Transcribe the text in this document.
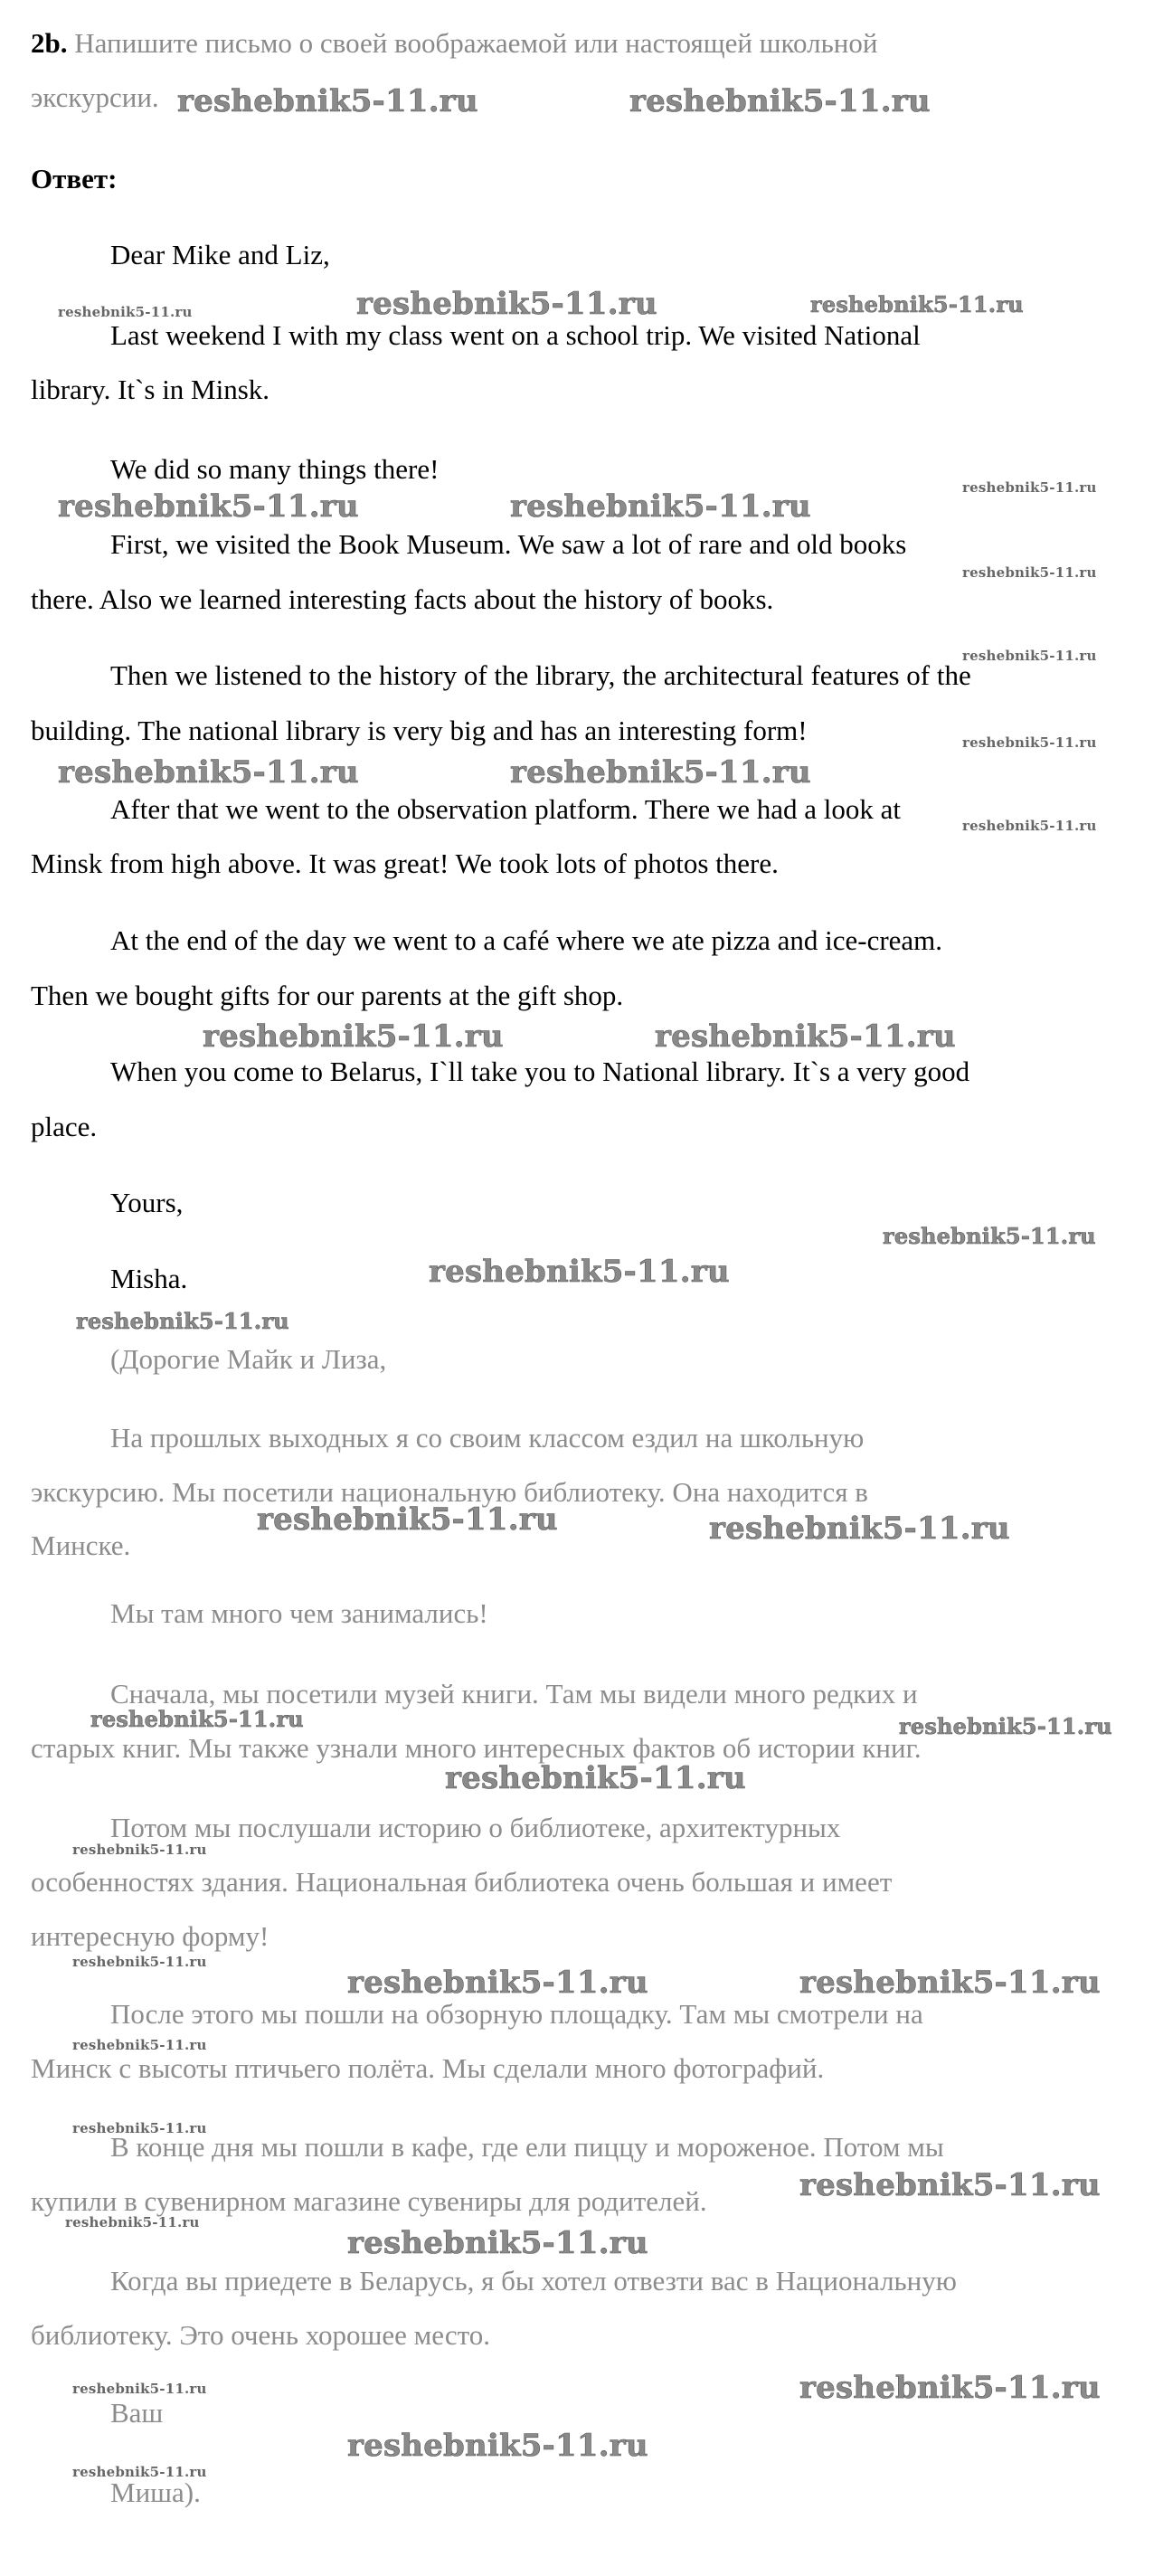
2b. Напишите письмо о своей воображаемой или настоящей школьной
экскурсии.
Ответ:
Dear Mike and Liz,
Last weekend I with my class went on a school trip. We visited National
library. It`s in Minsk.
We did so many things there!
First, we visited the Book Museum. We saw a lot of rare and old books
there. Also we learned interesting facts about the history of books.
Then we listened to the history of the library, the architectural features of the
building. The national library is very big and has an interesting form!
After that we went to the observation platform. There we had a look at
Minsk from high above. It was great! We took lots of photos there.
At the end of the day we went to a café where we ate pizza and ice-cream.
Then we bought gifts for our parents at the gift shop.
When you come to Belarus, I`ll take you to National library. It`s a very good
place.
Yours,
Misha.
(Дорогие Майк и Лиза,
На прошлых выходных я со своим классом ездил на школьную
экскурсию. Мы посетили национальную библиотеку. Она находится в
Минске.
Мы там много чем занимались!
Сначала, мы посетили музей книги. Там мы видели много редких и
старых книг. Мы также узнали много интересных фактов об истории книг.
Потом мы послушали историю о библиотеке, архитектурных
особенностях здания. Национальная библиотека очень большая и имеет
интересную форму!
После этого мы пошли на обзорную площадку. Там мы смотрели на
Минск с высоты птичьего полёта. Мы сделали много фотографий.
В конце дня мы пошли в кафе, где ели пиццу и мороженое. Потом мы
купили в сувенирном магазине сувениры для родителей.
Когда вы приедете в Беларусь, я бы хотел отвезти вас в Национальную
библиотеку. Это очень хорошее место.
Ваш
Миша).
reshebnik5-11.ru	reshebnik5-11.ru
reshebnik5-11.ru	reshebnik5-11.ru	reshebnik5-11.ru
reshebnik5-11.ru	reshebnik5-11.ru
reshebnik5-11.ru
reshebnik5-11.ru
reshebnik5-11.ru
reshebnik5-11.ru
reshebnik5-11.ru	reshebnik5-11.ru
reshebnik5-11.ru
reshebnik5-11.ru	reshebnik5-11.ru
reshebnik5-11.ru
reshebnik5-11.ru
reshebnik5-11.ru
reshebnik5-11.ru	reshebnik5-11.ru
reshebnik5-11.ru	reshebnik5-11.ru
reshebnik5-11.ru
reshebnik5-11.ru
reshebnik5-11.ru
reshebnik5-11.ru	reshebnik5-11.ru
reshebnik5-11.ru
reshebnik5-11.ru
reshebnik5-11.ru
reshebnik5-11.ru
reshebnik5-11.ru
reshebnik5-11.ru
reshebnik5-11.ru
reshebnik5-11.ru
reshebnik5-11.ru
